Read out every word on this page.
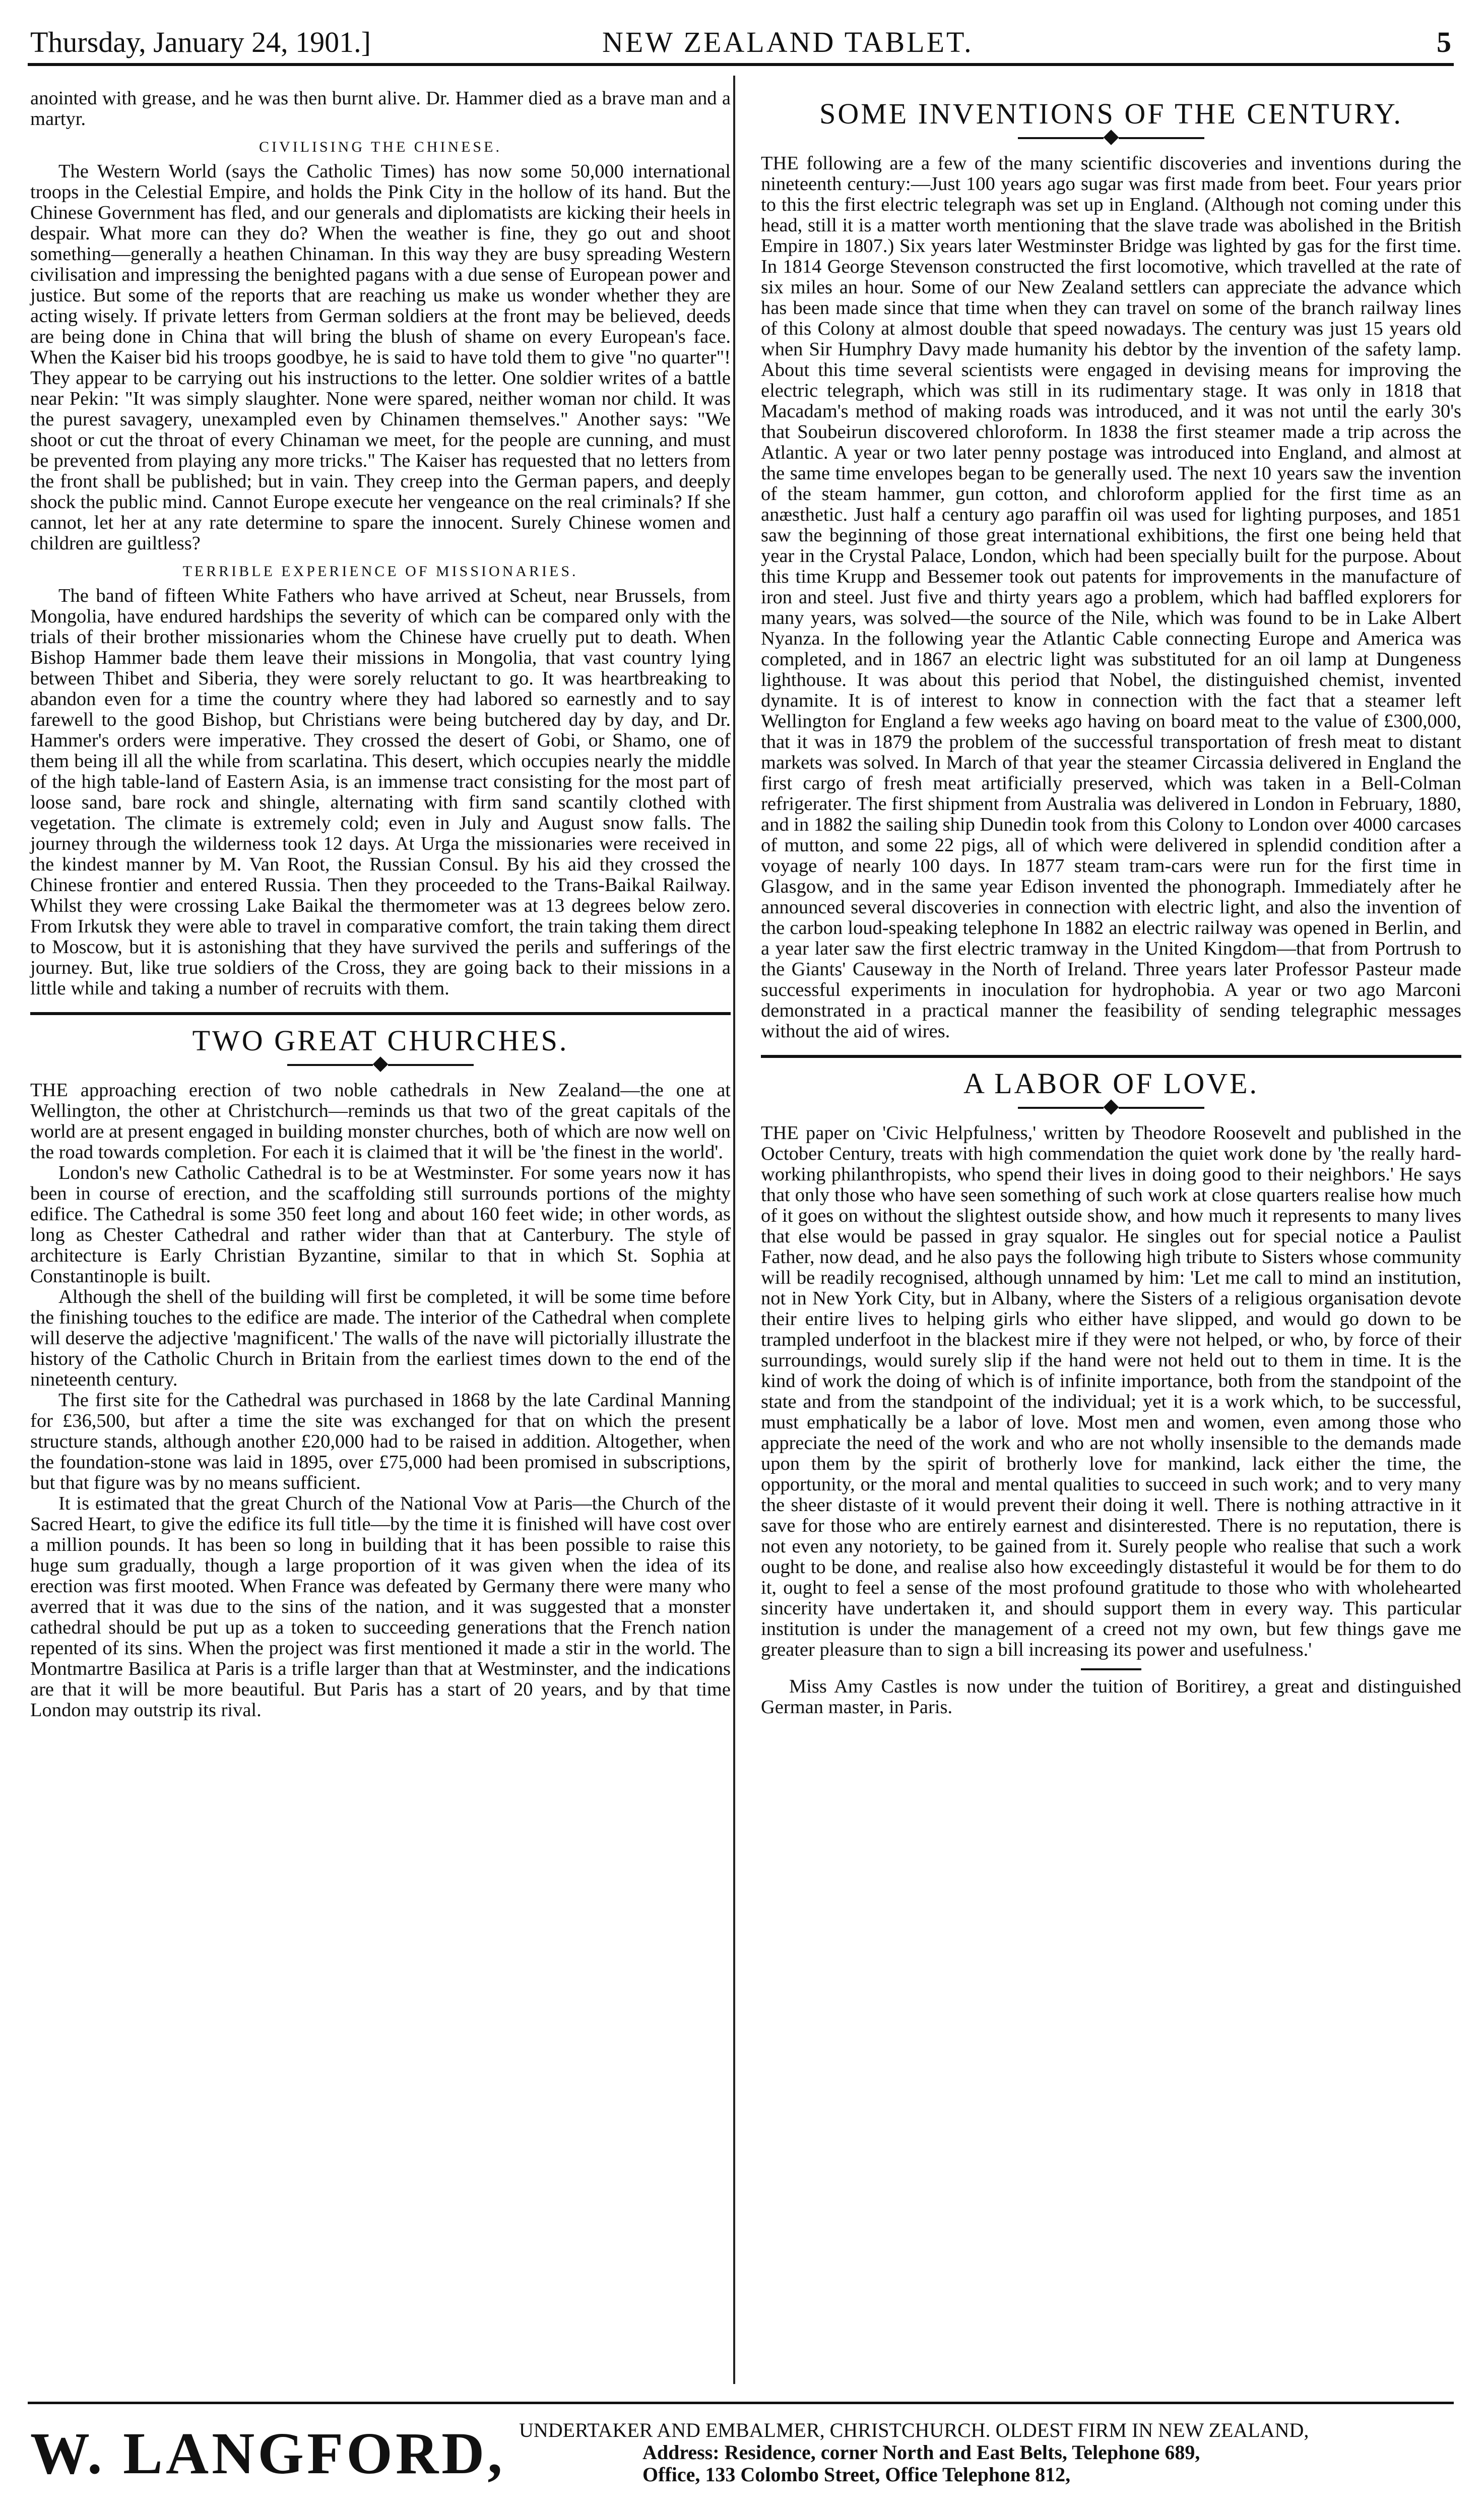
Thursday, January 24, 1901.]	NEW ZEALAND TABLET.	5

anointed with grease, and he was then burnt alive. Dr. Hammer died as a brave man and a martyr.

CIVILISING THE CHINESE.

The Western World (says the Catholic Times) has now some 50,000 international troops in the Celestial Empire, and holds the Pink City in the hollow of its hand. But the Chinese Government has fled, and our generals and diplomatists are kicking their heels in despair. What more can they do? When the weather is fine, they go out and shoot something—generally a heathen Chinaman. In this way they are busy spreading Western civilisation and impressing the benighted pagans with a due sense of European power and justice. But some of the reports that are reaching us make us wonder whether they are acting wisely. If private letters from German soldiers at the front may be believed, deeds are being done in China that will bring the blush of shame on every European's face. When the Kaiser bid his troops goodbye, he is said to have told them to give "no quarter"! They appear to be carrying out his instructions to the letter. One soldier writes of a battle near Pekin: "It was simply slaughter. None were spared, neither woman nor child. It was the purest savagery, unexampled even by Chinamen themselves." Another says: "We shoot or cut the throat of every Chinaman we meet, for the people are cunning, and must be prevented from playing any more tricks." The Kaiser has requested that no letters from the front shall be published; but in vain. They creep into the German papers, and deeply shock the public mind. Cannot Europe execute her vengeance on the real criminals? If she cannot, let her at any rate determine to spare the innocent. Surely Chinese women and children are guiltless?

TERRIBLE EXPERIENCE OF MISSIONARIES.

The band of fifteen White Fathers who have arrived at Scheut, near Brussels, from Mongolia, have endured hardships the severity of which can be compared only with the trials of their brother missionaries whom the Chinese have cruelly put to death. When Bishop Hammer bade them leave their missions in Mongolia, that vast country lying between Thibet and Siberia, they were sorely reluctant to go. It was heartbreaking to abandon even for a time the country where they had labored so earnestly and to say farewell to the good Bishop, but Christians were being butchered day by day, and Dr. Hammer's orders were imperative. They crossed the desert of Gobi, or Shamo, one of them being ill all the while from scarlatina. This desert, which occupies nearly the middle of the high table-land of Eastern Asia, is an immense tract consisting for the most part of loose sand, bare rock and shingle, alternating with firm sand scantily clothed with vegetation. The climate is extremely cold; even in July and August snow falls. The journey through the wilderness took 12 days. At Urga the missionaries were received in the kindest manner by M. Van Root, the Russian Consul. By his aid they crossed the Chinese frontier and entered Russia. Then they proceeded to the Trans-Baikal Railway. Whilst they were crossing Lake Baikal the thermometer was at 13 degrees below zero. From Irkutsk they were able to travel in comparative comfort, the train taking them direct to Moscow, but it is astonishing that they have survived the perils and sufferings of the journey. But, like true soldiers of the Cross, they are going back to their missions in a little while and taking a number of recruits with them.

TWO GREAT CHURCHES.
◆

THE approaching erection of two noble cathedrals in New Zealand—the one at Wellington, the other at Christchurch—reminds us that two of the great capitals of the world are at present engaged in building monster churches, both of which are now well on the road towards completion. For each it is claimed that it will be 'the finest in the world'.

London's new Catholic Cathedral is to be at Westminster. For some years now it has been in course of erection, and the scaffolding still surrounds portions of the mighty edifice. The Cathedral is some 350 feet long and about 160 feet wide; in other words, as long as Chester Cathedral and rather wider than that at Canterbury. The style of architecture is Early Christian Byzantine, similar to that in which St. Sophia at Constantinople is built.

Although the shell of the building will first be completed, it will be some time before the finishing touches to the edifice are made. The interior of the Cathedral when complete will deserve the adjective 'magnificent.' The walls of the nave will pictorially illustrate the history of the Catholic Church in Britain from the earliest times down to the end of the nineteenth century.

The first site for the Cathedral was purchased in 1868 by the late Cardinal Manning for £36,500, but after a time the site was exchanged for that on which the present structure stands, although another £20,000 had to be raised in addition. Altogether, when the foundation-stone was laid in 1895, over £75,000 had been promised in subscriptions, but that figure was by no means sufficient.

It is estimated that the great Church of the National Vow at Paris—the Church of the Sacred Heart, to give the edifice its full title—by the time it is finished will have cost over a million pounds. It has been so long in building that it has been possible to raise this huge sum gradually, though a large proportion of it was given when the idea of its erection was first mooted. When France was defeated by Germany there were many who averred that it was due to the sins of the nation, and it was suggested that a monster cathedral should be put up as a token to succeeding generations that the French nation repented of its sins. When the project was first mentioned it made a stir in the world. The Montmartre Basilica at Paris is a trifle larger than that at Westminster, and the indications are that it will be more beautiful. But Paris has a start of 20 years, and by that time London may outstrip its rival.

SOME INVENTIONS OF THE CENTURY.
◆

THE following are a few of the many scientific discoveries and inventions during the nineteenth century:—Just 100 years ago sugar was first made from beet. Four years prior to this the first electric telegraph was set up in England. (Although not coming under this head, still it is a matter worth mentioning that the slave trade was abolished in the British Empire in 1807.) Six years later Westminster Bridge was lighted by gas for the first time. In 1814 George Stevenson constructed the first locomotive, which travelled at the rate of six miles an hour. Some of our New Zealand settlers can appreciate the advance which has been made since that time when they can travel on some of the branch railway lines of this Colony at almost double that speed nowadays. The century was just 15 years old when Sir Humphry Davy made humanity his debtor by the invention of the safety lamp. About this time several scientists were engaged in devising means for improving the electric telegraph, which was still in its rudimentary stage. It was only in 1818 that Macadam's method of making roads was introduced, and it was not until the early 30's that Soubeirun discovered chloroform. In 1838 the first steamer made a trip across the Atlantic. A year or two later penny postage was introduced into England, and almost at the same time envelopes began to be generally used. The next 10 years saw the invention of the steam hammer, gun cotton, and chloroform applied for the first time as an anæsthetic. Just half a century ago paraffin oil was used for lighting purposes, and 1851 saw the beginning of those great international exhibitions, the first one being held that year in the Crystal Palace, London, which had been specially built for the purpose. About this time Krupp and Bessemer took out patents for improvements in the manufacture of iron and steel. Just five and thirty years ago a problem, which had baffled explorers for many years, was solved—the source of the Nile, which was found to be in Lake Albert Nyanza. In the following year the Atlantic Cable connecting Europe and America was completed, and in 1867 an electric light was substituted for an oil lamp at Dungeness lighthouse. It was about this period that Nobel, the distinguished chemist, invented dynamite. It is of interest to know in connection with the fact that a steamer left Wellington for England a few weeks ago having on board meat to the value of £300,000, that it was in 1879 the problem of the successful transportation of fresh meat to distant markets was solved. In March of that year the steamer Circassia delivered in England the first cargo of fresh meat artificially preserved, which was taken in a Bell-Colman refrigerater. The first shipment from Australia was delivered in London in February, 1880, and in 1882 the sailing ship Dunedin took from this Colony to London over 4000 carcases of mutton, and some 22 pigs, all of which were delivered in splendid condition after a voyage of nearly 100 days. In 1877 steam tram-cars were run for the first time in Glasgow, and in the same year Edison invented the phonograph. Immediately after he announced several discoveries in connection with electric light, and also the invention of the carbon loud-speaking telephone In 1882 an electric railway was opened in Berlin, and a year later saw the first electric tramway in the United Kingdom—that from Portrush to the Giants' Causeway in the North of Ireland. Three years later Professor Pasteur made successful experiments in inoculation for hydrophobia. A year or two ago Marconi demonstrated in a practical manner the feasibility of sending telegraphic messages without the aid of wires.

A LABOR OF LOVE.
◆

THE paper on 'Civic Helpfulness,' written by Theodore Roosevelt and published in the October Century, treats with high commendation the quiet work done by 'the really hard-working philanthropists, who spend their lives in doing good to their neighbors.' He says that only those who have seen something of such work at close quarters realise how much of it goes on without the slightest outside show, and how much it represents to many lives that else would be passed in gray squalor. He singles out for special notice a Paulist Father, now dead, and he also pays the following high tribute to Sisters whose community will be readily recognised, although unnamed by him: 'Let me call to mind an institution, not in New York City, but in Albany, where the Sisters of a religious organisation devote their entire lives to helping girls who either have slipped, and would go down to be trampled underfoot in the blackest mire if they were not helped, or who, by force of their surroundings, would surely slip if the hand were not held out to them in time. It is the kind of work the doing of which is of infinite importance, both from the standpoint of the state and from the standpoint of the individual; yet it is a work which, to be successful, must emphatically be a labor of love. Most men and women, even among those who appreciate the need of the work and who are not wholly insensible to the demands made upon them by the spirit of brotherly love for mankind, lack either the time, the opportunity, or the moral and mental qualities to succeed in such work; and to very many the sheer distaste of it would prevent their doing it well. There is nothing attractive in it save for those who are entirely earnest and disinterested. There is no reputation, there is not even any notoriety, to be gained from it. Surely people who realise that such a work ought to be done, and realise also how exceedingly distasteful it would be for them to do it, ought to feel a sense of the most profound gratitude to those who with wholehearted sincerity have undertaken it, and should support them in every way. This particular institution is under the management of a creed not my own, but few things gave me greater pleasure than to sign a bill increasing its power and usefulness.'

Miss Amy Castles is now under the tuition of Boritirey, a great and distinguished German master, in Paris.

W. LANGFORD, UNDERTAKER AND EMBALMER, CHRISTCHURCH. OLDEST FIRM IN NEW ZEALAND,
Address: Residence, corner North and East Belts, Telephone 689,
Office, 133 Colombo Street, Office Telephone 812,
